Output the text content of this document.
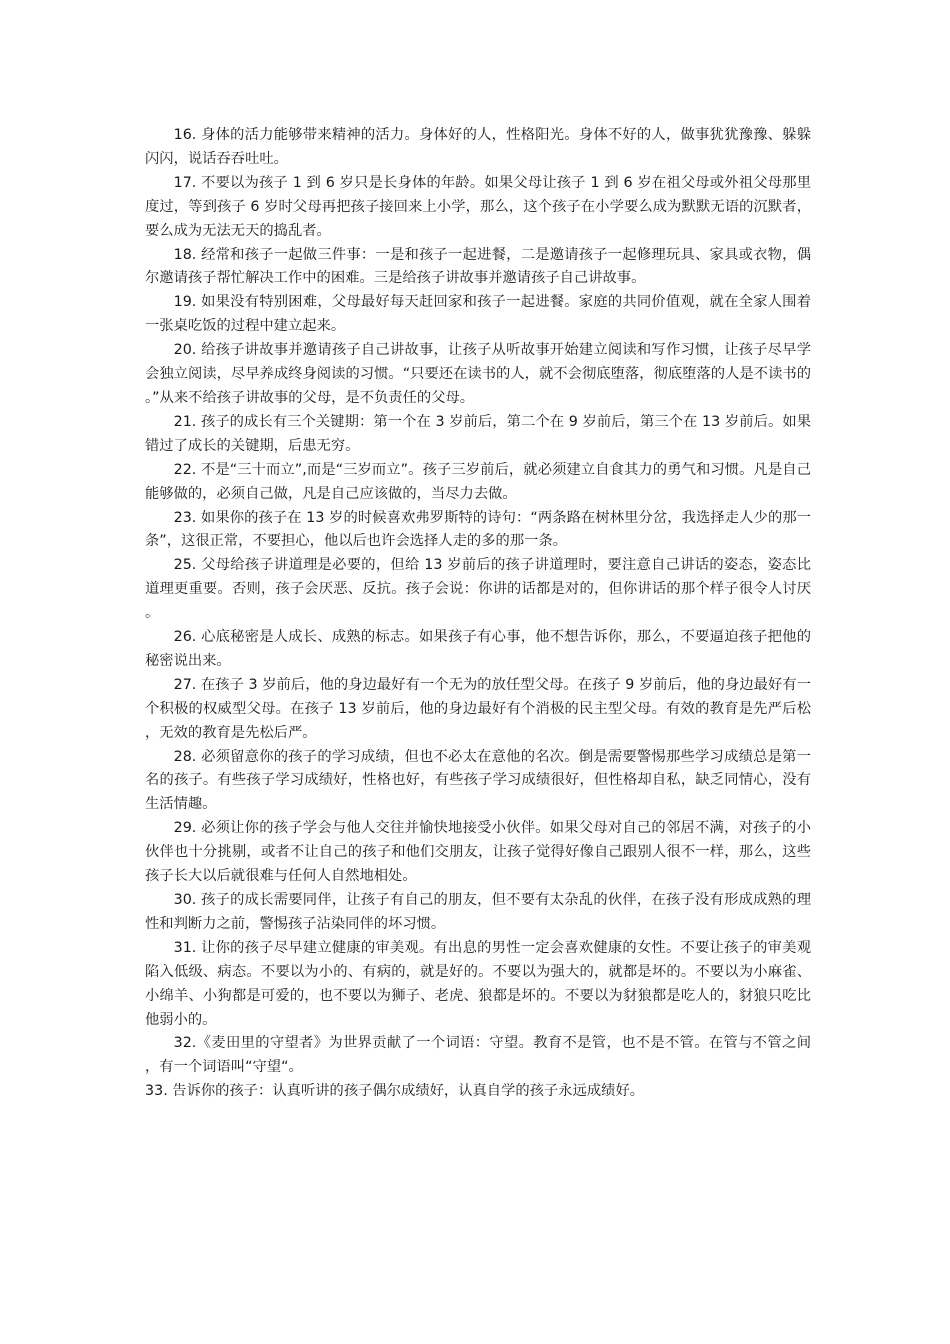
16. 身体的活力能够带来精神的活力。身体好的人，性格阳光。身体不好的人，做事犹犹豫豫、躲躲闪闪，说话吞吞吐吐。

17. 不要以为孩子 1 到 6 岁只是长身体的年龄。如果父母让孩子 1 到 6 岁在祖父母或外祖父母那里度过，等到孩子 6 岁时父母再把孩子接回来上小学，那么，这个孩子在小学要么成为默默无语的沉默者，要么成为无法无天的捣乱者。

18. 经常和孩子一起做三件事：一是和孩子一起进餐，二是邀请孩子一起修理玩具、家具或衣物，偶尔邀请孩子帮忙解决工作中的困难。三是给孩子讲故事并邀请孩子自己讲故事。

19. 如果没有特别困难，父母最好每天赶回家和孩子一起进餐。家庭的共同价值观，就在全家人围着一张桌吃饭的过程中建立起来。

20. 给孩子讲故事并邀请孩子自己讲故事，让孩子从听故事开始建立阅读和写作习惯，让孩子尽早学会独立阅读，尽早养成终身阅读的习惯。“只要还在读书的人，就不会彻底堕落，彻底堕落的人是不读书的。”从来不给孩子讲故事的父母，是不负责任的父母。

21. 孩子的成长有三个关键期：第一个在 3 岁前后，第二个在 9 岁前后，第三个在 13 岁前后。如果错过了成长的关键期，后患无穷。

22. 不是“三十而立”,而是“三岁而立”。孩子三岁前后，就必须建立自食其力的勇气和习惯。凡是自己能够做的，必须自己做，凡是自己应该做的，当尽力去做。

23. 如果你的孩子在 13 岁的时候喜欢弗罗斯特的诗句：“两条路在树林里分岔，我选择走人少的那一条”，这很正常，不要担心，他以后也许会选择人走的多的那一条。

25. 父母给孩子讲道理是必要的，但给 13 岁前后的孩子讲道理时，要注意自己讲话的姿态，姿态比道理更重要。否则，孩子会厌恶、反抗。孩子会说：你讲的话都是对的，但你讲话的那个样子很令人讨厌。

26. 心底秘密是人成长、成熟的标志。如果孩子有心事，他不想告诉你，那么，不要逼迫孩子把他的秘密说出来。

27. 在孩子 3 岁前后，他的身边最好有一个无为的放任型父母。在孩子 9 岁前后，他的身边最好有一个积极的权威型父母。在孩子 13 岁前后，他的身边最好有个消极的民主型父母。有效的教育是先严后松，无效的教育是先松后严。

28. 必须留意你的孩子的学习成绩，但也不必太在意他的名次。倒是需要警惕那些学习成绩总是第一名的孩子。有些孩子学习成绩好，性格也好，有些孩子学习成绩很好，但性格却自私，缺乏同情心，没有生活情趣。

29. 必须让你的孩子学会与他人交往并愉快地接受小伙伴。如果父母对自己的邻居不满，对孩子的小伙伴也十分挑剔，或者不让自己的孩子和他们交朋友，让孩子觉得好像自己跟别人很不一样，那么，这些孩子长大以后就很难与任何人自然地相处。

30. 孩子的成长需要同伴，让孩子有自己的朋友，但不要有太杂乱的伙伴，在孩子没有形成成熟的理性和判断力之前，警惕孩子沾染同伴的坏习惯。

31. 让你的孩子尽早建立健康的审美观。有出息的男性一定会喜欢健康的女性。不要让孩子的审美观陷入低级、病态。不要以为小的、有病的，就是好的。不要以为强大的，就都是坏的。不要以为小麻雀、小绵羊、小狗都是可爱的，也不要以为狮子、老虎、狼都是坏的。不要以为豺狼都是吃人的，豺狼只吃比他弱小的。

32.《麦田里的守望者》为世界贡献了一个词语：守望。教育不是管，也不是不管。在管与不管之间，有一个词语叫“守望“。

33. 告诉你的孩子：认真听讲的孩子偶尔成绩好，认真自学的孩子永远成绩好。
